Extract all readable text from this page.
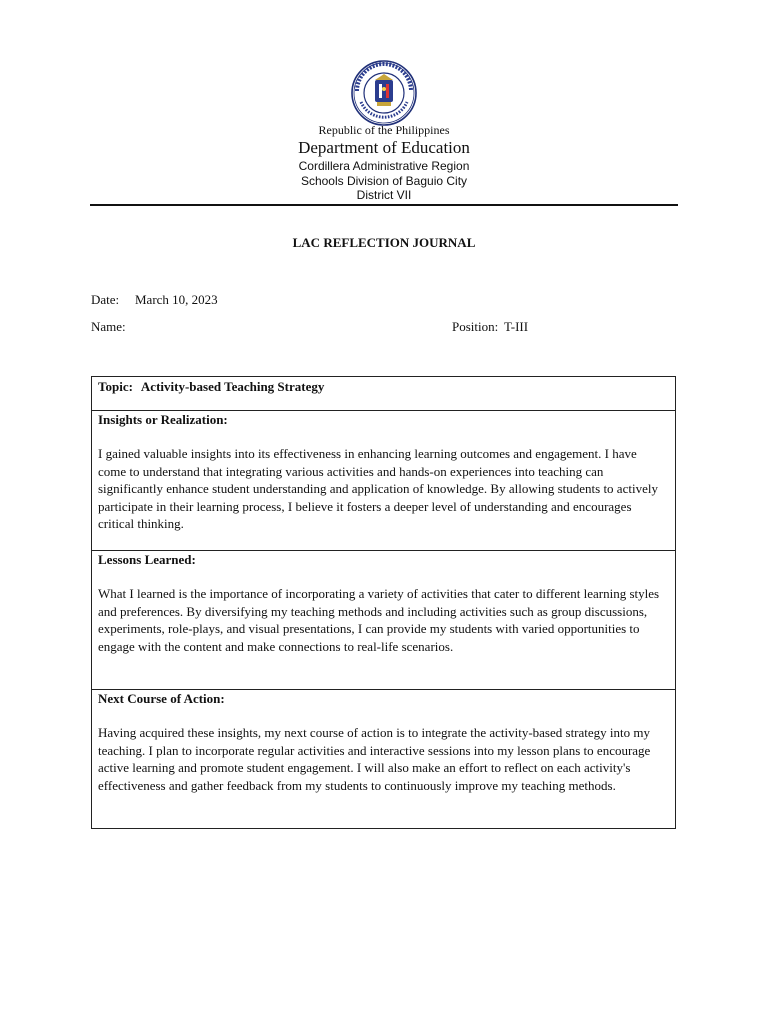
Republic of the Philippines
Department of Education
Cordillera Administrative Region
Schools Division of Baguio City
District VII
LAC REFLECTION JOURNAL
Date: March 10, 2023
Name:	Position: T-III
Topic: Activity-based Teaching Strategy
Insights or Realization:
I gained valuable insights into its effectiveness in enhancing learning outcomes and engagement. I have come to understand that integrating various activities and hands-on experiences into teaching can significantly enhance student understanding and application of knowledge. By allowing students to actively participate in their learning process, I believe it fosters a deeper level of understanding and encourages critical thinking.
Lessons Learned:
What I learned is the importance of incorporating a variety of activities that cater to different learning styles and preferences. By diversifying my teaching methods and including activities such as group discussions, experiments, role-plays, and visual presentations, I can provide my students with varied opportunities to engage with the content and make connections to real-life scenarios.
Next Course of Action:
Having acquired these insights, my next course of action is to integrate the activity-based strategy into my teaching. I plan to incorporate regular activities and interactive sessions into my lesson plans to encourage active learning and promote student engagement. I will also make an effort to reflect on each activity's effectiveness and gather feedback from my students to continuously improve my teaching methods.
